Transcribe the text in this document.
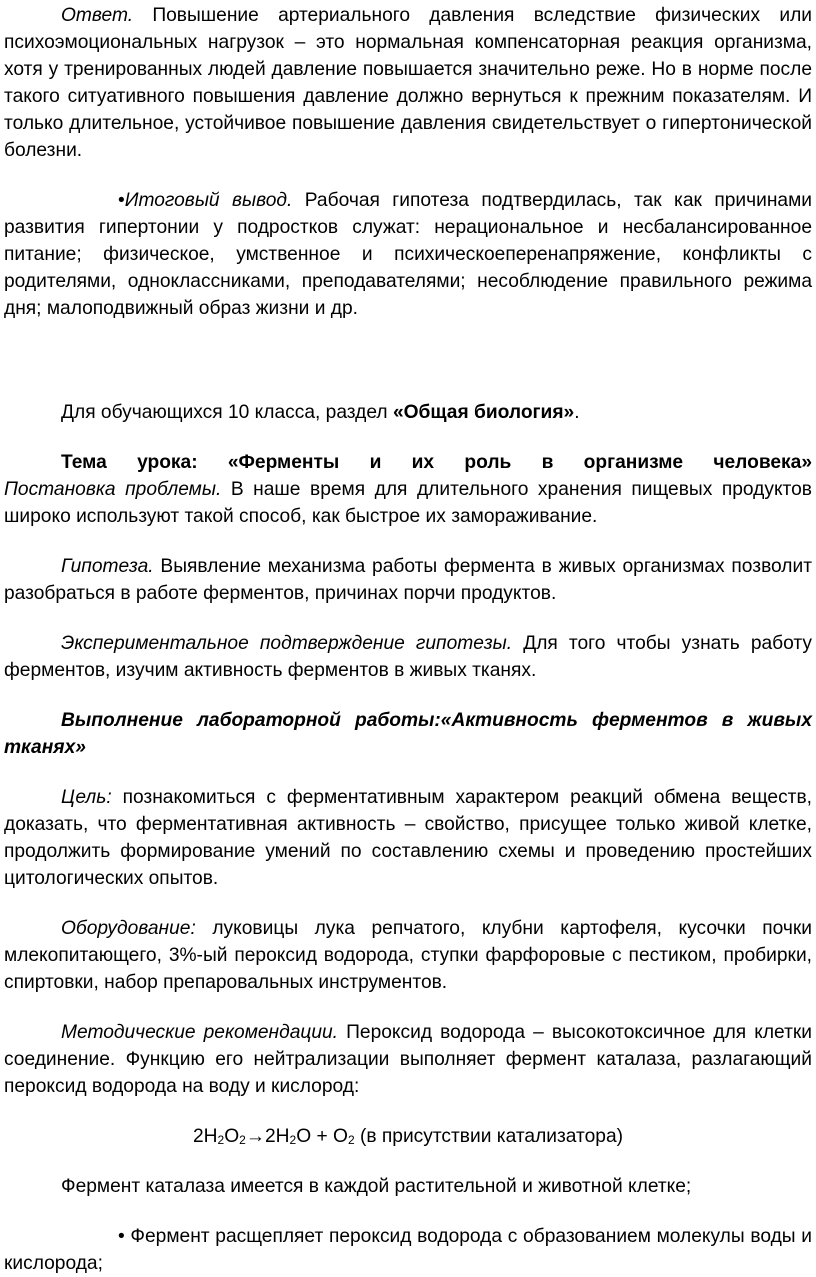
Ответ. Повышение артериального давления вследствие физических или психоэмоциональных нагрузок – это нормальная компенсаторная реакция организма, хотя у тренированных людей давление повышается значительно реже. Но в норме после такого ситуативного повышения давление должно вернуться к прежним показателям. И только длительное, устойчивое повышение давления свидетельствует о гипертонической болезни.

•Итоговый вывод. Рабочая гипотеза подтвердилась, так как причинами развития гипертонии у подростков служат: нерациональное и несбалансированное питание; физическое, умственное и психическоеперенапряжение, конфликты с родителями, одноклассниками, преподавателями; несоблюдение правильного режима дня; малоподвижный образ жизни и др.

Для обучающихся 10 класса, раздел «Общая биология».

Тема урока: «Ферменты и их роль в организме человека»
Постановка проблемы. В наше время для длительного хранения пищевых продуктов широко используют такой способ, как быстрое их замораживание.

Гипотеза. Выявление механизма работы фермента в живых организмах позволит разобраться в работе ферментов, причинах порчи продуктов.

Экспериментальное подтверждение гипотезы. Для того чтобы узнать работу ферментов, изучим активность ферментов в живых тканях.

Выполнение лабораторной работы:«Активность ферментов в живых тканях»

Цель: познакомиться с ферментативным характером реакций обмена веществ, доказать, что ферментативная активность – свойство, присущее только живой клетке, продолжить формирование умений по составлению схемы и проведению простейших цитологических опытов.

Оборудование: луковицы лука репчатого, клубни картофеля, кусочки почки млекопитающего, 3%-ый пероксид водорода, ступки фарфоровые с пестиком, пробирки, спиртовки, набор препаровальных инструментов.

Методические рекомендации. Пероксид водорода – высокотоксичное для клетки соединение. Функцию его нейтрализации выполняет фермент каталаза, разлагающий пероксид водорода на воду и кислород:

$2H_2O_2\to 2H_2O + O_2$ (в присутствии катализатора)

Фермент каталаза имеется в каждой растительной и животной клетке;

• Фермент расщепляет пероксид водорода с образованием молекулы воды и кислорода;
